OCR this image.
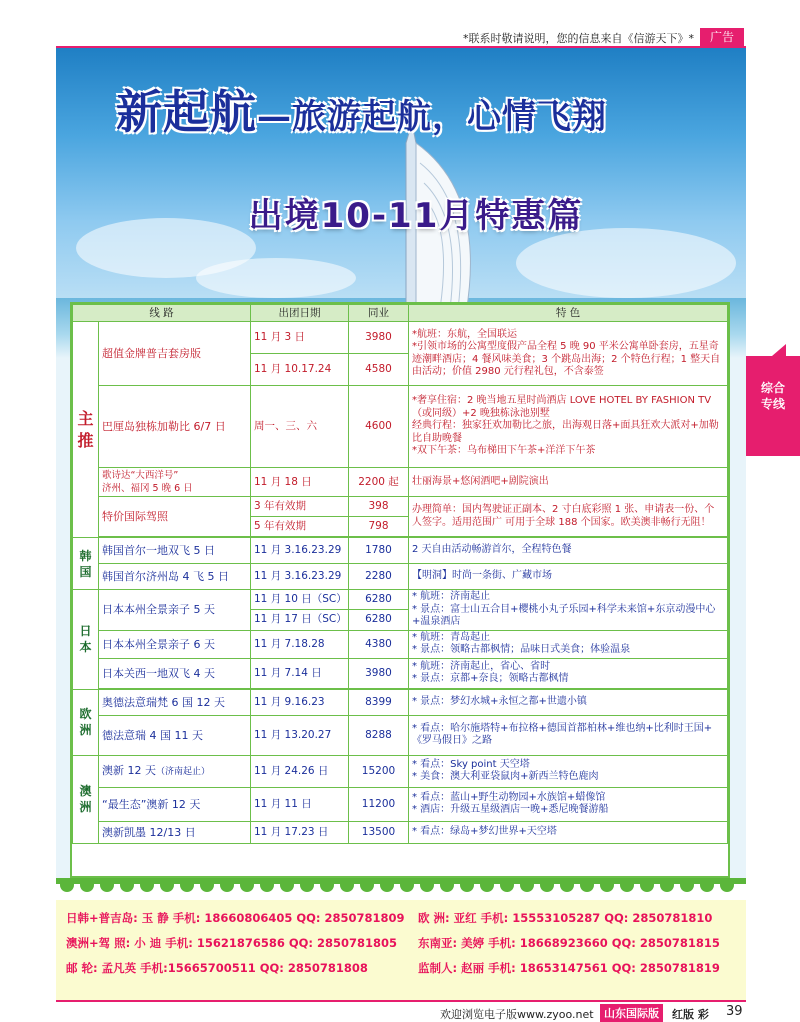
*联系时敬请说明，您的信息来自《信游天下》*	广告
新起航—旅游起航，心情飞翔
出境10-11月特惠篇
线 路		出团日期	同业	特 色
主推	超值金牌普吉套房版	11 月 3 日	3980	*航班：东航，全国联运
*引领市场的公寓型度假产品全程 5 晚 90 平米公寓单卧套房，五星奇迹潮畔酒店；4 餐风味美食；3 个跳岛出海；2 个特色行程；1 整天自由活动；价值 2980 元行程礼包，不含泰签
		11 月 10.17.24	4580	
	巴厘岛独栋加勒比 6/7 日	周一、三、六	4600	*奢享住宿：2 晚当地五星时尚酒店 LOVE HOTEL BY FASHION TV（或同级）+2 晚独栋泳池别墅
经典行程：独家狂欢加勒比之旅，出海观日落+面具狂欢大派对+加勒比自助晚餐
*双下午茶：乌布梯田下午茶+洋洋下午茶

	歌诗达“大西洋号”
济州、福冈 5 晚 6 日	11 月 18 日	2200 起	壮丽海景+悠闲酒吧+剧院演出
	特价国际驾照	3 年有效期	398	办理简单：国内驾驶证正副本、2 寸白底彩照 1 张、申请表一份、个人签字。适用范围广 可用于全球 188 个国家。欧美澳非畅行无阻！
		5 年有效期	798	

韩国	韩国首尔一地双飞 5 日	11 月 3.16.23.29	1780	2 天自由活动畅游首尔，全程特色餐
	韩国首尔济州岛 4 飞 5 日	11 月 3.16.23.29	2280	【明洞】时尚一条街、广藏市场
日本	日本本州全景亲子 5 天	11 月 10 日（SC）	6280	* 航班：济南起止
* 景点：富士山五合目+樱桃小丸子乐园+科学未来馆+东京动漫中心+温泉酒店
		11 月 17 日（SC）	6280	
	日本本州全景亲子 6 天	11 月 7.18.28	4380	* 航班：青岛起止
* 景点：领略古都枫情；品味日式美食；体验温泉
	日本关西一地双飞 4 天	11 月 7.14 日	3980	* 航班：济南起止，省心、省时
* 景点：京都+奈良；领略古都枫情

欧洲	奥德法意瑞梵 6 国 12 天	11 月 9.16.23	8399	* 景点：梦幻水城+永恒之都+世遗小镇
	德法意瑞 4 国 11 天	11 月 13.20.27	8288	* 看点：哈尔施塔特+布拉格+德国首都柏林+维也纳+比利时王国+《罗马假日》之路
澳洲	澳新 12 天（济南起止）	11 月 24.26 日	15200	* 看点：Sky point 天空塔
* 美食：澳大利亚袋鼠肉+新西兰特色鹿肉
	“最生态”澳新 12 天	11 月 11 日	11200	* 看点：蓝山+野生动物园+水族馆+蜡像馆
* 酒店：升级五星级酒店一晚+悉尼晚餐游船
	澳新凯墨 12/13 日	11 月 17.23 日	13500	* 看点：绿岛+梦幻世界+天空塔
日韩+普吉岛: 玉 静 手机: 18660806405 QQ: 2850781809 欧 洲: 亚红 手机: 15553105287 QQ: 2850781810
澳洲+驾 照: 小 迪 手机: 15621876586 QQ: 2850781805 东南亚: 美婷 手机: 18668923660 QQ: 2850781815
邮 轮: 孟凡英 手机:15665700511 QQ: 2850781808	监制人: 赵丽 手机: 18653147561 QQ: 2850781819
综合专线
欢迎浏览电子版www.zyoo.net 山东国际版	红版 彩 39
